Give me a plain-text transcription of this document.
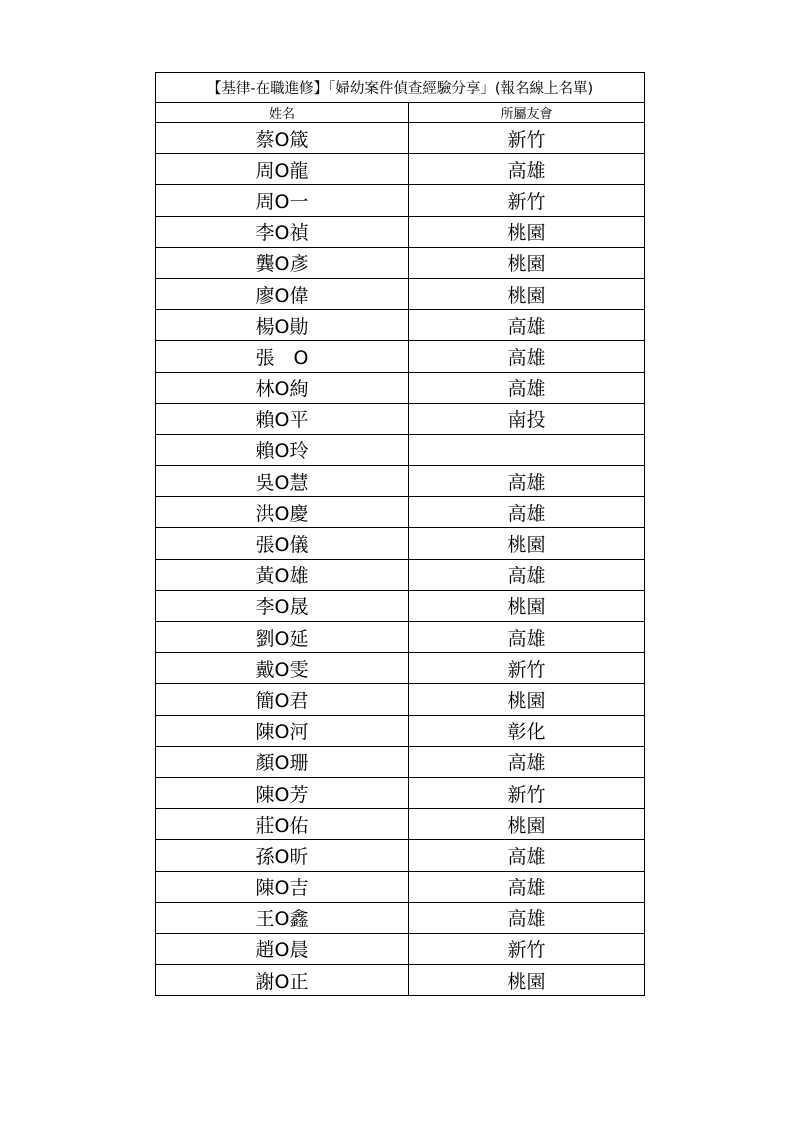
【基律-在職進修】「婦幼案件偵查經驗分享」(報名線上名單)	
姓名	所屬友會
蔡O箴	新竹
周O龍	高雄
周O一	新竹
李O禎	桃園
龔O彥	桃園
廖O偉	桃園
楊O勛	高雄
張　O	高雄
林O絢	高雄
賴O平	南投
賴O玲	
吳O慧	高雄
洪O慶	高雄
張O儀	桃園
黃O雄	高雄
李O晟	桃園
劉O延	高雄
戴O雯	新竹
簡O君	桃園
陳O河	彰化
顏O珊	高雄
陳O芳	新竹
莊O佑	桃園
孫O昕	高雄
陳O吉	高雄
王O鑫	高雄
趙O晨	新竹
謝O正	桃園
